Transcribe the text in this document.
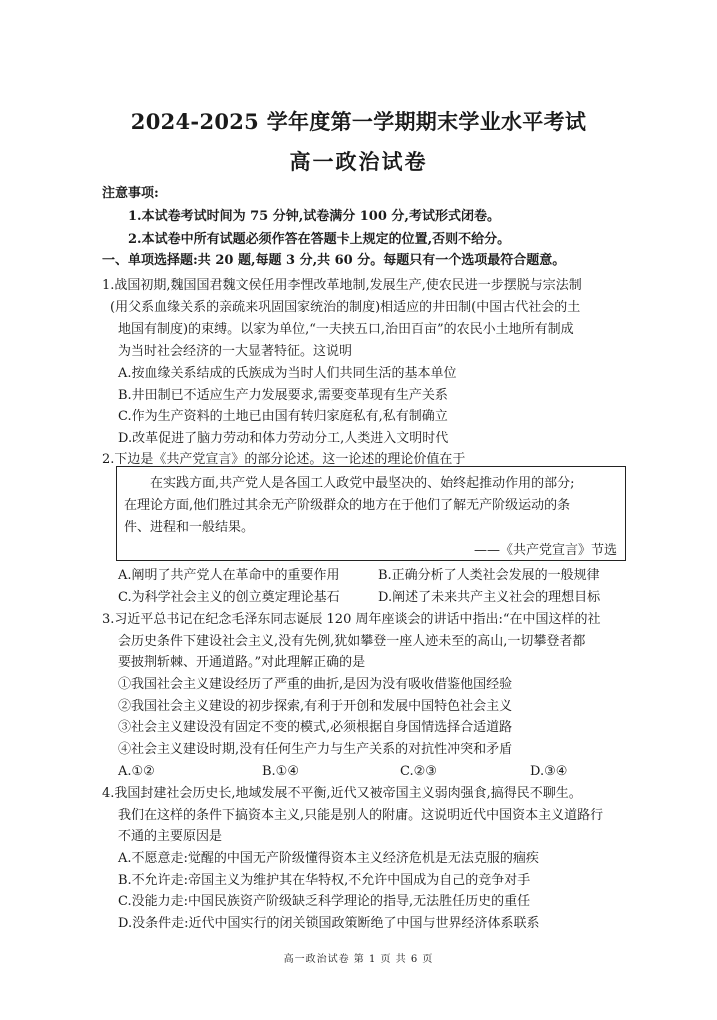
2024-2025 学年度第一学期期末学业水平考试
高一政治试卷
注意事项:
1.本试卷考试时间为 75 分钟,试卷满分 100 分,考试形式闭卷。
2.本试卷中所有试题必须作答在答题卡上规定的位置,否则不给分。
一、单项选择题:共 20 题,每题 3 分,共 60 分。每题只有一个选项最符合题意。
1.战国初期,魏国国君魏文侯任用李悝改革地制,发展生产,使农民进一步摆脱与宗法制
(用父系血缘关系的亲疏来巩固国家统治的制度)相适应的井田制(中国古代社会的土
地国有制度)的束缚。以家为单位,“一夫挟五口,治田百亩”的农民小土地所有制成
为当时社会经济的一大显著特征。这说明
A.按血缘关系结成的氏族成为当时人们共同生活的基本单位
B.井田制已不适应生产力发展要求,需要变革现有生产关系
C.作为生产资料的土地已由国有转归家庭私有,私有制确立
D.改革促进了脑力劳动和体力劳动分工,人类进入文明时代
2.下边是《共产党宣言》的部分论述。这一论述的理论价值在于
在实践方面,共产党人是各国工人政党中最坚决的、始终起推动作用的部分;
在理论方面,他们胜过其余无产阶级群众的地方在于他们了解无产阶级运动的条
件、进程和一般结果。
——《共产党宣言》节选
A.阐明了共产党人在革命中的重要作用	B.正确分析了人类社会发展的一般规律
C.为科学社会主义的创立奠定理论基石	D.阐述了未来共产主义社会的理想目标
3.习近平总书记在纪念毛泽东同志诞辰 120 周年座谈会的讲话中指出:“在中国这样的社
会历史条件下建设社会主义,没有先例,犹如攀登一座人迹未至的高山,一切攀登者都
要披荆斩棘、开通道路。”对此理解正确的是
①我国社会主义建设经历了严重的曲折,是因为没有吸收借鉴他国经验
②我国社会主义建设的初步探索,有利于开创和发展中国特色社会主义
③社会主义建设没有固定不变的模式,必须根据自身国情选择合适道路
④社会主义建设时期,没有任何生产力与生产关系的对抗性冲突和矛盾
A.①②	B.①④	C.②③	D.③④
4.我国封建社会历史长,地域发展不平衡,近代又被帝国主义弱肉强食,搞得民不聊生。
我们在这样的条件下搞资本主义,只能是别人的附庸。这说明近代中国资本主义道路行
不通的主要原因是
A.不愿意走:觉醒的中国无产阶级懂得资本主义经济危机是无法克服的痼疾
B.不允许走:帝国主义为维护其在华特权,不允许中国成为自己的竞争对手
C.没能力走:中国民族资产阶级缺乏科学理论的指导,无法胜任历史的重任
D.没条件走:近代中国实行的闭关锁国政策断绝了中国与世界经济体系联系
高一政治试卷 第 1 页 共 6 页
